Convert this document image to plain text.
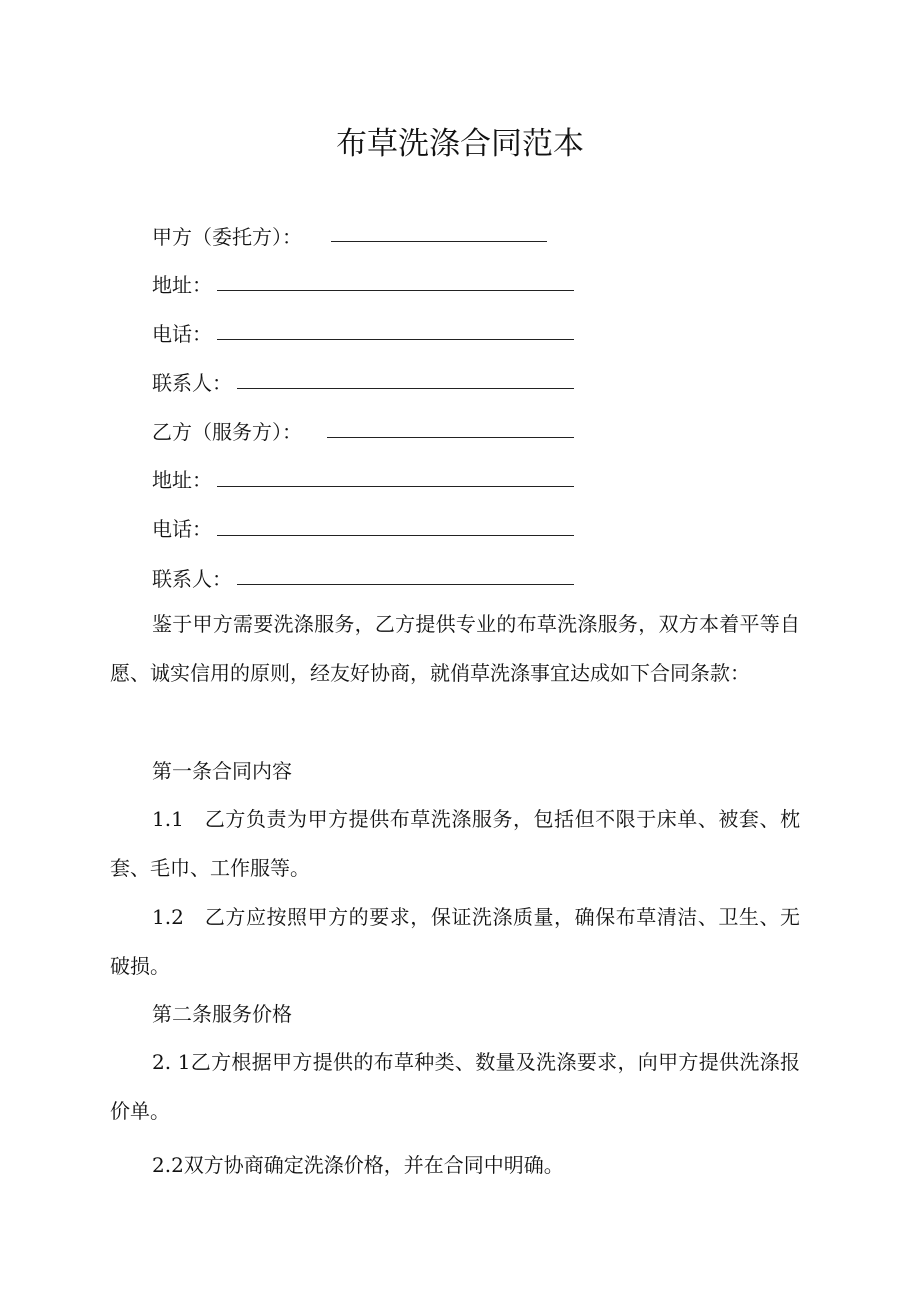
布草洗涤合同范本
甲方（委托方）：
地址：
电话：
联系人：
乙方（服务方）：
地址：
电话：
联系人：

鉴于甲方需要洗涤服务，乙方提供专业的布草洗涤服务，双方本着平等自愿、诚实信用的原则，经友好协商，就俏草洗涤事宜达成如下合同条款：

第一条合同内容

1.1　乙方负责为甲方提供布草洗涤服务，包括但不限于床单、被套、枕套、毛巾、工作服等。

1.2　乙方应按照甲方的要求，保证洗涤质量，确保布草清洁、卫生、无破损。

第二条服务价格

2. 1乙方根据甲方提供的布草种类、数量及洗涤要求，向甲方提供洗涤报价单。

2.2双方协商确定洗涤价格，并在合同中明确。
